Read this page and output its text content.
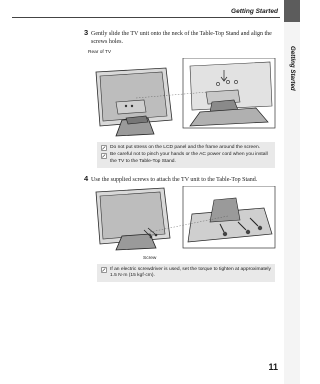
Getting Started
Getting Started
3 Gently slide the TV unit onto the neck of the Table-Top Stand and align the screws holes.
Rear of TV
Do not put stress on the LCD panel and the frame around the screen.
Be careful not to pinch your hands or the AC power cord when you install the TV to the Table-Top Stand.
4 Use the supplied screws to attach the TV unit to the Table-Top Stand.
Screw
If an electric screwdriver is used, set the torque to tighten at approximately 1.5 N·m (15 kgf·cm).
11
